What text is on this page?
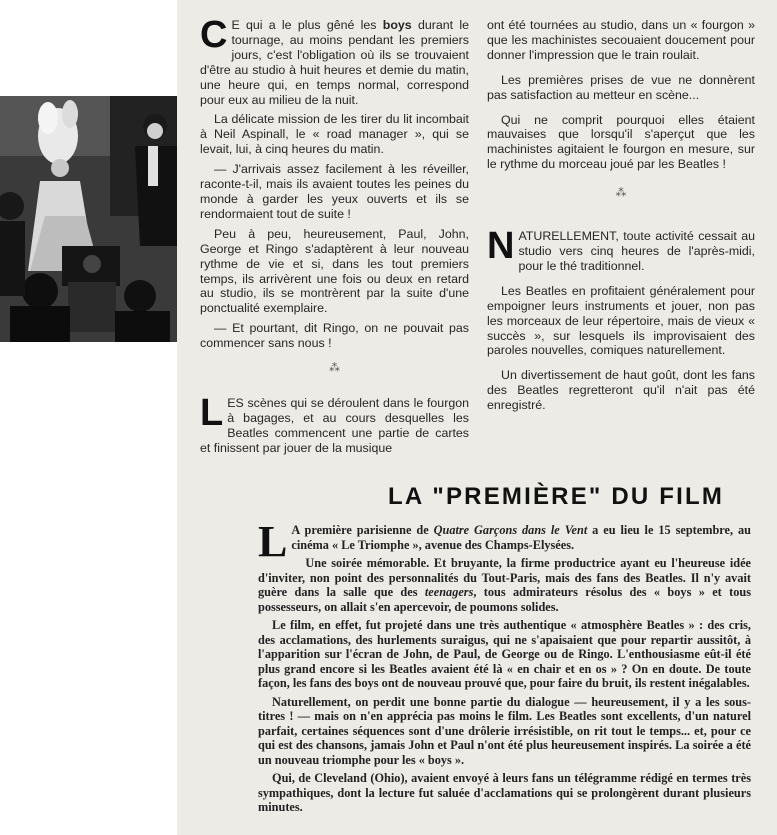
C E qui a le plus gêné les boys durant le tournage, au moins pendant les premiers jours, c'est l'obligation où ils se trouvaient d'être au studio à huit heures et demie du matin, une heure qui, en temps normal, correspond pour eux au milieu de la nuit.

La délicate mission de les tirer du lit incombait à Neil Aspinall, le « road manager », qui se levait, lui, à cinq heures du matin.

— J'arrivais assez facilement à les réveiller, raconte-t-il, mais ils avaient toutes les peines du monde à garder les yeux ouverts et ils se rendormaient tout de suite !

Peu à peu, heureusement, Paul, John, George et Ringo s'adaptèrent à leur nouveau rythme de vie et si, dans les tout premiers temps, ils arrivèrent une fois ou deux en retard au studio, ils se montrèrent par la suite d'une ponctualité exemplaire.

— Et pourtant, dit Ringo, on ne pouvait pas commencer sans nous !

⁂

LES scènes qui se déroulent dans le fourgon à bagages, et au cours desquelles les Beatles commencent une partie de cartes et finissent par jouer de la musique

ont été tournées au studio, dans un « fourgon » que les machinistes secouaient doucement pour donner l'impression que le train roulait.

Les premières prises de vue ne donnèrent pas satisfaction au metteur en scène...

Qui ne comprit pourquoi elles étaient mauvaises que lorsqu'il s'aperçut que les machinistes agitaient le fourgon en mesure, sur le rythme du morceau joué par les Beatles !

⁂

NATURELLEMENT, toute activité cessait au studio vers cinq heures de l'après-midi, pour le thé traditionnel.

Les Beatles en profitaient généralement pour empoigner leurs instruments et jouer, non pas les morceaux de leur répertoire, mais de vieux « succès », sur lesquels ils improvisaient des paroles nouvelles, comiques naturellement.

Un divertissement de haut goût, dont les fans des Beatles regretteront qu'il n'ait pas été enregistré.

LA "PREMIÈRE" DU FILM

L A première parisienne de Quatre Garçons dans le Vent a eu lieu le 15 septembre, au cinéma « Le Triomphe », avenue des Champs-Elysées.

Une soirée mémorable. Et bruyante, la firme productrice ayant eu l'heureuse idée d'inviter, non point des personnalités du Tout-Paris, mais des fans des Beatles. Il n'y avait guère dans la salle que des teenagers, tous admirateurs résolus des « boys » et tous possesseurs, on allait s'en apercevoir, de poumons solides.

Le film, en effet, fut projeté dans une très authentique « atmosphère Beatles » : des cris, des acclamations, des hurlements suraigus, qui ne s'apaisaient que pour repartir aussitôt, à l'apparition sur l'écran de John, de Paul, de George ou de Ringo. L'enthousiasme eût-il été plus grand encore si les Beatles avaient été là « en chair et en os » ? On en doute. De toute façon, les fans des boys ont de nouveau prouvé que, pour faire du bruit, ils restent inégalables.

Naturellement, on perdit une bonne partie du dialogue — heureusement, il y a les sous-titres ! — mais on n'en apprécia pas moins le film. Les Beatles sont excellents, d'un naturel parfait, certaines séquences sont d'une drôlerie irrésistible, on rit tout le temps... et, pour ce qui est des chansons, jamais John et Paul n'ont été plus heureusement inspirés. La soirée a été un nouveau triomphe pour les « boys ».

Qui, de Cleveland (Ohio), avaient envoyé à leurs fans un télégramme rédigé en termes très sympathiques, dont la lecture fut saluée d'acclamations qui se prolongèrent durant plusieurs minutes.
